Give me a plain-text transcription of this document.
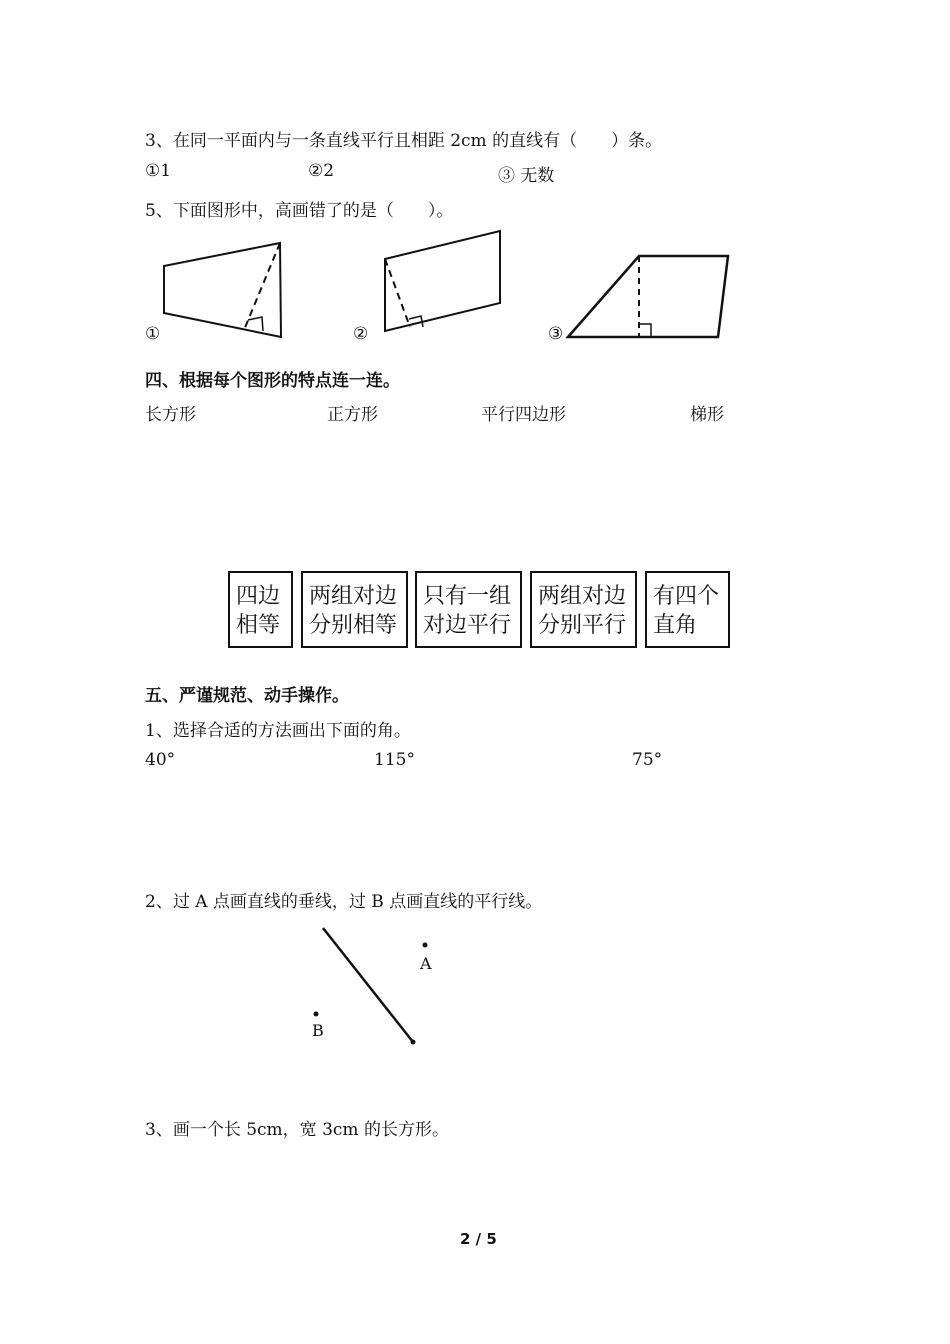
3、在同一平面内与一条直线平行且相距 2cm 的直线有（　　）条。
①1	②2	③ 无数
5、下面图形中，高画错了的是（　　）。
①	②	③
四、根据每个图形的特点连一连。
长方形	正方形	平行四边形	梯形
四边
相等
两组对边
分别相等
只有一组
对边平行
两组对边
分别平行
有四个
直角
五、严谨规范、动手操作。
1、选择合适的方法画出下面的角。
40°	115°	75°
2、过 A 点画直线的垂线，过 B 点画直线的平行线。
A
B
3、画一个长 5cm，宽 3cm 的长方形。
2 / 5
